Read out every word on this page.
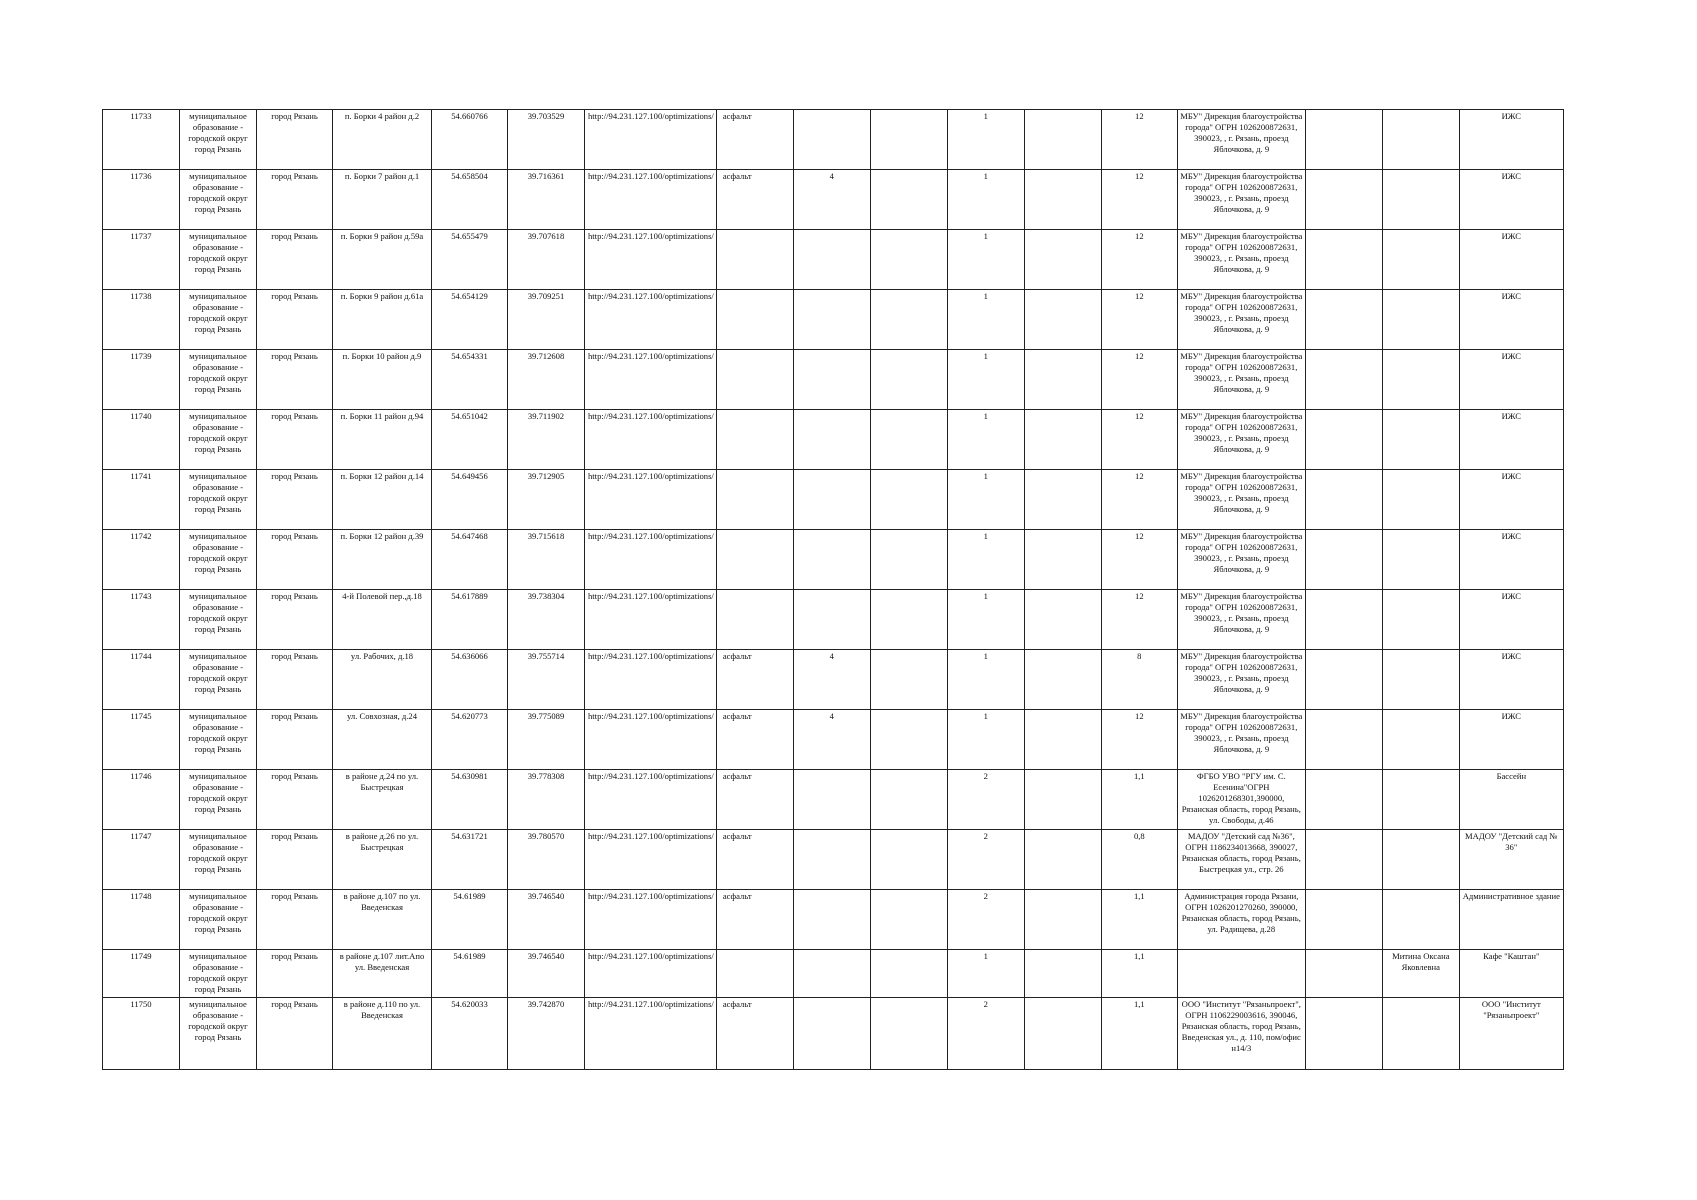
11733	муниципальное образование - городской округ город Рязань	город Рязань	п. Борки 4 район д.2	54.660766	39.703529	http://94.231.127.100/optimizations/	асфальт			1		12	МБУ" Дирекция благоустройства города" ОГРН 1026200872631, 390023, , г. Рязань, проезд Яблочкова, д. 9			ИЖС
11736	муниципальное образование - городской округ город Рязань	город Рязань	п. Борки 7 район д.1	54.658504	39.716361	http://94.231.127.100/optimizations/	асфальт	4		1		12	МБУ" Дирекция благоустройства города" ОГРН 1026200872631, 390023, , г. Рязань, проезд Яблочкова, д. 9			ИЖС
11737	муниципальное образование - городской округ город Рязань	город Рязань	п. Борки 9 район д.59а	54.655479	39.707618	http://94.231.127.100/optimizations/				1		12	МБУ" Дирекция благоустройства города" ОГРН 1026200872631, 390023, , г. Рязань, проезд Яблочкова, д. 9			ИЖС
11738	муниципальное образование - городской округ город Рязань	город Рязань	п. Борки 9 район д.61а	54.654129	39.709251	http://94.231.127.100/optimizations/				1		12	МБУ" Дирекция благоустройства города" ОГРН 1026200872631, 390023, , г. Рязань, проезд Яблочкова, д. 9			ИЖС
11739	муниципальное образование - городской округ город Рязань	город Рязань	п. Борки 10 район д.9	54.654331	39.712608	http://94.231.127.100/optimizations/				1		12	МБУ" Дирекция благоустройства города" ОГРН 1026200872631, 390023, , г. Рязань, проезд Яблочкова, д. 9			ИЖС
11740	муниципальное образование - городской округ город Рязань	город Рязань	п. Борки 11 район д.94	54.651042	39.711902	http://94.231.127.100/optimizations/				1		12	МБУ" Дирекция благоустройства города" ОГРН 1026200872631, 390023, , г. Рязань, проезд Яблочкова, д. 9			ИЖС
11741	муниципальное образование - городской округ город Рязань	город Рязань	п. Борки 12 район д.14	54.649456	39.712905	http://94.231.127.100/optimizations/				1		12	МБУ" Дирекция благоустройства города" ОГРН 1026200872631, 390023, , г. Рязань, проезд Яблочкова, д. 9			ИЖС
11742	муниципальное образование - городской округ город Рязань	город Рязань	п. Борки 12 район д.39	54.647468	39.715618	http://94.231.127.100/optimizations/				1		12	МБУ" Дирекция благоустройства города" ОГРН 1026200872631, 390023, , г. Рязань, проезд Яблочкова, д. 9			ИЖС
11743	муниципальное образование - городской округ город Рязань	город Рязань	4-й Полевой пер.,д.18	54.617889	39.738304	http://94.231.127.100/optimizations/				1		12	МБУ" Дирекция благоустройства города" ОГРН 1026200872631, 390023, , г. Рязань, проезд Яблочкова, д. 9			ИЖС
11744	муниципальное образование - городской округ город Рязань	город Рязань	ул. Рабочих, д.18	54.636066	39.755714	http://94.231.127.100/optimizations/	асфальт	4		1		8	МБУ" Дирекция благоустройства города" ОГРН 1026200872631, 390023, , г. Рязань, проезд Яблочкова, д. 9			ИЖС
11745	муниципальное образование - городской округ город Рязань	город Рязань	ул. Совхозная, д.24	54.620773	39.775089	http://94.231.127.100/optimizations/	асфальт	4		1		12	МБУ" Дирекция благоустройства города" ОГРН 1026200872631, 390023, , г. Рязань, проезд Яблочкова, д. 9			ИЖС
11746	муниципальное образование - городской округ город Рязань	город Рязань	в районе д.24 по ул. Быстрецкая	54.630981	39.778308	http://94.231.127.100/optimizations/	асфальт			2		1,1	ФГБО УВО "РГУ им. С. Есенина"ОГРН 1026201268301,390000, Рязанская область, город Рязань, ул. Свободы, д.46			Бассейн
11747	муниципальное образование - городской округ город Рязань	город Рязань	в районе д.26 по ул. Быстрецкая	54.631721	39.780570	http://94.231.127.100/optimizations/	асфальт			2		0,8	МАДОУ "Детский сад №36", ОГРН 1186234013668, 390027, Рязанская область, город Рязань, Быстрецкая ул., стр. 26			МАДОУ "Детский сад № 36"
11748	муниципальное образование - городской округ город Рязань	город Рязань	в районе д.107 по ул. Введенская	54.61989	39.746540	http://94.231.127.100/optimizations/	асфальт			2		1,1	Администрация города Рязани, ОГРН 1026201270260, 390000, Рязанская область, город Рязань, ул. Радищева, д.28			Административное здание
11749	муниципальное образование - городской округ город Рязань	город Рязань	в районе д.107 лит.Апо ул. Введенская	54.61989	39.746540	http://94.231.127.100/optimizations/				1		1,1			Митина Оксана Яковлевна	Кафе "Каштан"
11750	муниципальное образование - городской округ город Рязань	город Рязань	в районе д.110 по ул. Введенская	54.620033	39.742870	http://94.231.127.100/optimizations/	асфальт			2		1,1	ООО "Институт "Рязаньпроект", ОГРН 1106229003616, 390046, Рязанская область, город Рязань, Введенская ул., д. 110, пом/офис н14/3			ООО "Институт "Рязаньпроект"
